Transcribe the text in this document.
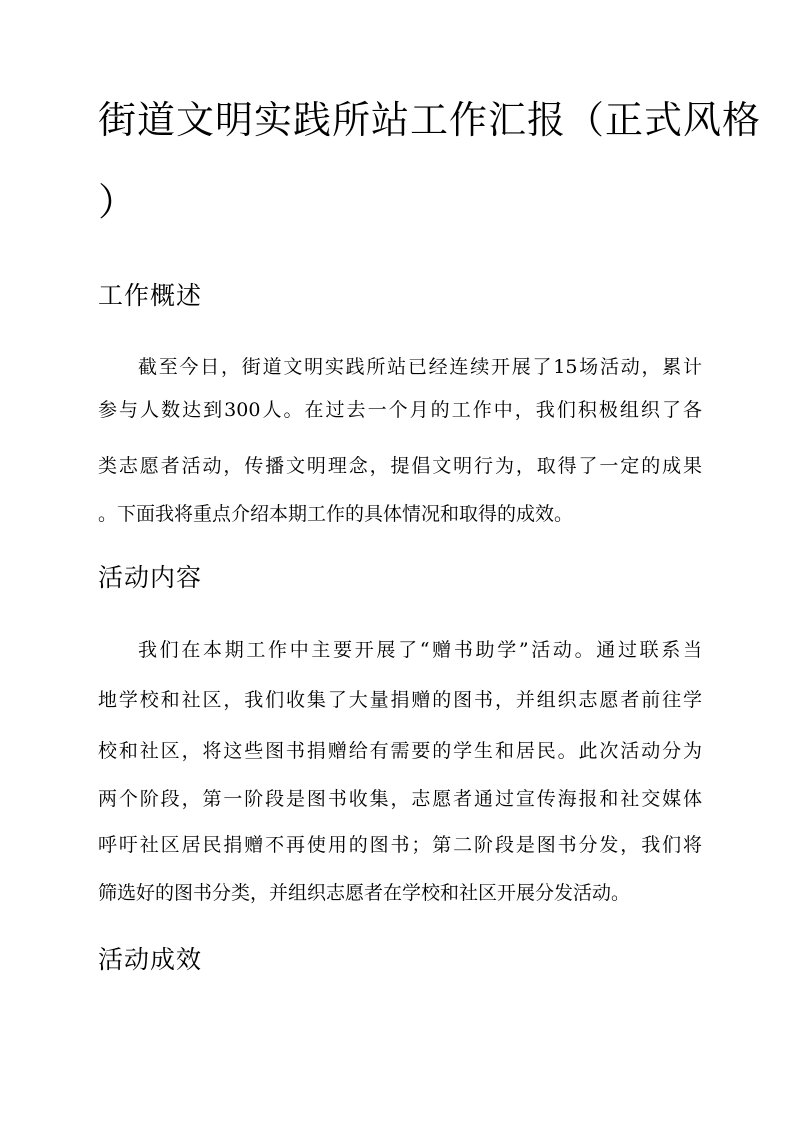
街道文明实践所站工作汇报（正式风格
）
工作概述
截至今日，街道文明实践所站已经连续开展了15场活动，累计
参与人数达到300人。在过去一个月的工作中，我们积极组织了各
类志愿者活动，传播文明理念，提倡文明行为，取得了一定的成果
。下面我将重点介绍本期工作的具体情况和取得的成效。
活动内容
我们在本期工作中主要开展了“赠书助学”活动。通过联系当
地学校和社区，我们收集了大量捐赠的图书，并组织志愿者前往学
校和社区，将这些图书捐赠给有需要的学生和居民。此次活动分为
两个阶段，第一阶段是图书收集，志愿者通过宣传海报和社交媒体
呼吁社区居民捐赠不再使用的图书；第二阶段是图书分发，我们将
筛选好的图书分类，并组织志愿者在学校和社区开展分发活动。
活动成效
